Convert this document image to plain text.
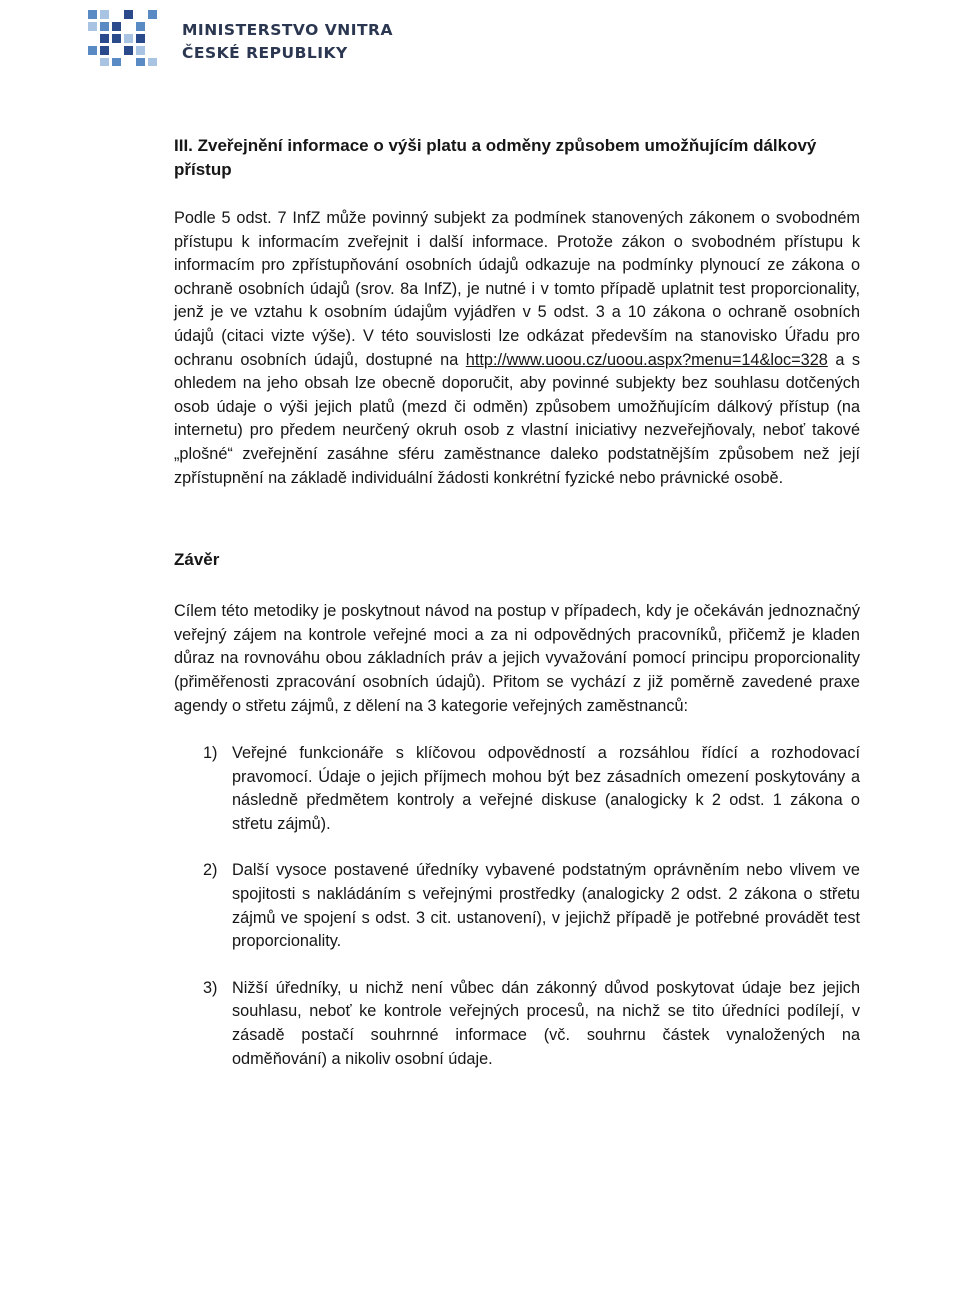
MINISTERSTVO VNITRA
ČESKÉ REPUBLIKY
III. Zveřejnění informace o výši platu a odměny způsobem umožňujícím dálkový přístup

Podle 5 odst. 7 InfZ může povinný subjekt za podmínek stanovených zákonem o svobodném přístupu k informacím zveřejnit i další informace. Protože zákon o svobodném přístupu k informacím pro zpřístupňování osobních údajů odkazuje na podmínky plynoucí ze zákona o ochraně osobních údajů (srov. 8a InfZ), je nutné i v tomto případě uplatnit test proporcionality, jenž je ve vztahu k osobním údajům vyjádřen v 5 odst. 3 a 10 zákona o ochraně osobních údajů (citaci vizte výše). V této souvislosti lze odkázat především na stanovisko Úřadu pro ochranu osobních údajů, dostupné na http://www.uoou.cz/uoou.aspx?menu=14&loc=328 a s ohledem na jeho obsah lze obecně doporučit, aby povinné subjekty bez souhlasu dotčených osob údaje o výši jejich platů (mezd či odměn) způsobem umožňujícím dálkový přístup (na internetu) pro předem neurčený okruh osob z vlastní iniciativy nezveřejňovaly, neboť takové „plošné“ zveřejnění zasáhne sféru zaměstnance daleko podstatnějším způsobem než její zpřístupnění na základě individuální žádosti konkrétní fyzické nebo právnické osobě.

Závěr

Cílem této metodiky je poskytnout návod na postup v případech, kdy je očekáván jednoznačný veřejný zájem na kontrole veřejné moci a za ni odpovědných pracovníků, přičemž je kladen důraz na rovnováhu obou základních práv a jejich vyvažování pomocí principu proporcionality (přiměřenosti zpracování osobních údajů). Přitom se vychází z již poměrně zavedené praxe agendy o střetu zájmů, z dělení na 3 kategorie veřejných zaměstnanců:

1) Veřejné funkcionáře s klíčovou odpovědností a rozsáhlou řídící a rozhodovací pravomocí. Údaje o jejich příjmech mohou být bez zásadních omezení poskytovány a následně předmětem kontroly a veřejné diskuse (analogicky k 2 odst. 1 zákona o střetu zájmů).

2) Další vysoce postavené úředníky vybavené podstatným oprávněním nebo vlivem ve spojitosti s nakládáním s veřejnými prostředky (analogicky 2 odst. 2 zákona o střetu zájmů ve spojení s odst. 3 cit. ustanovení), v jejichž případě je potřebné provádět test proporcionality.

3) Nižší úředníky, u nichž není vůbec dán zákonný důvod poskytovat údaje bez jejich souhlasu, neboť ke kontrole veřejných procesů, na nichž se tito úředníci podílejí, v zásadě postačí souhrnné informace (vč. souhrnu částek vynaložených na odměňování) a nikoliv osobní údaje.
